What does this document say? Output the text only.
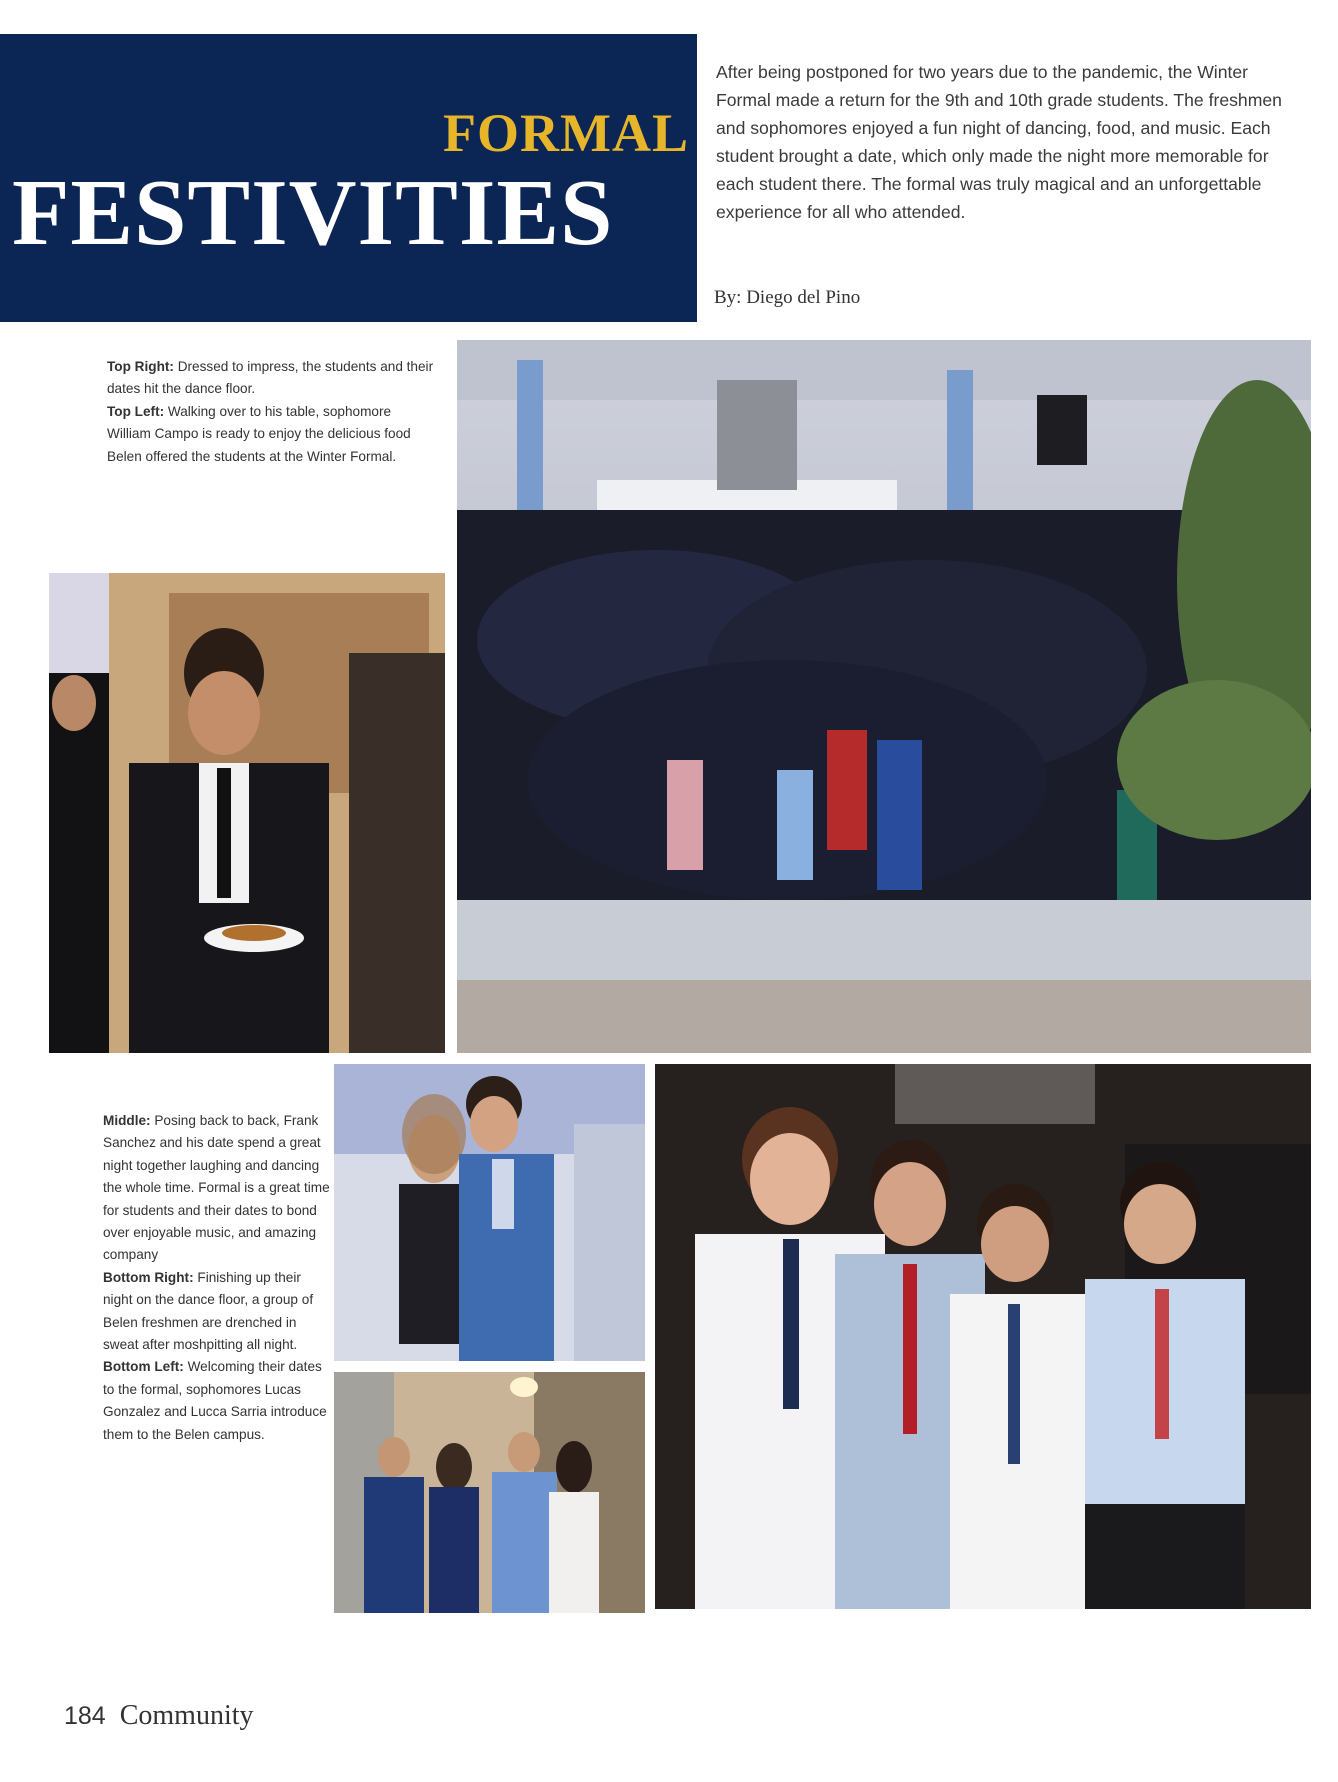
FORMAL
FESTIVITIES
After being postponed for two years due to the pandemic, the Winter Formal made a return for the 9th and 10th grade students. The freshmen and sophomores enjoyed a fun night of dancing, food, and music. Each student brought a date, which only made the night more memorable for each student there. The formal was truly magical and an unforgettable experience for all who attended.
By: Diego del Pino
Top Right: Dressed to impress, the students and their dates hit the dance floor.
Top Left: Walking over to his table, sophomore William Campo is ready to enjoy the delicious food Belen offered the students at the Winter Formal.
Middle: Posing back to back, Frank Sanchez and his date spend a great night together laughing and dancing the whole time. Formal is a great time for students and their dates to bond over enjoyable music, and amazing company
Bottom Right: Finishing up their night on the dance floor, a group of Belen freshmen are drenched in sweat after moshpitting all night.
Bottom Left: Welcoming their dates to the formal, sophomores Lucas Gonzalez and Lucca Sarria introduce them to the Belen campus.
184 Community
